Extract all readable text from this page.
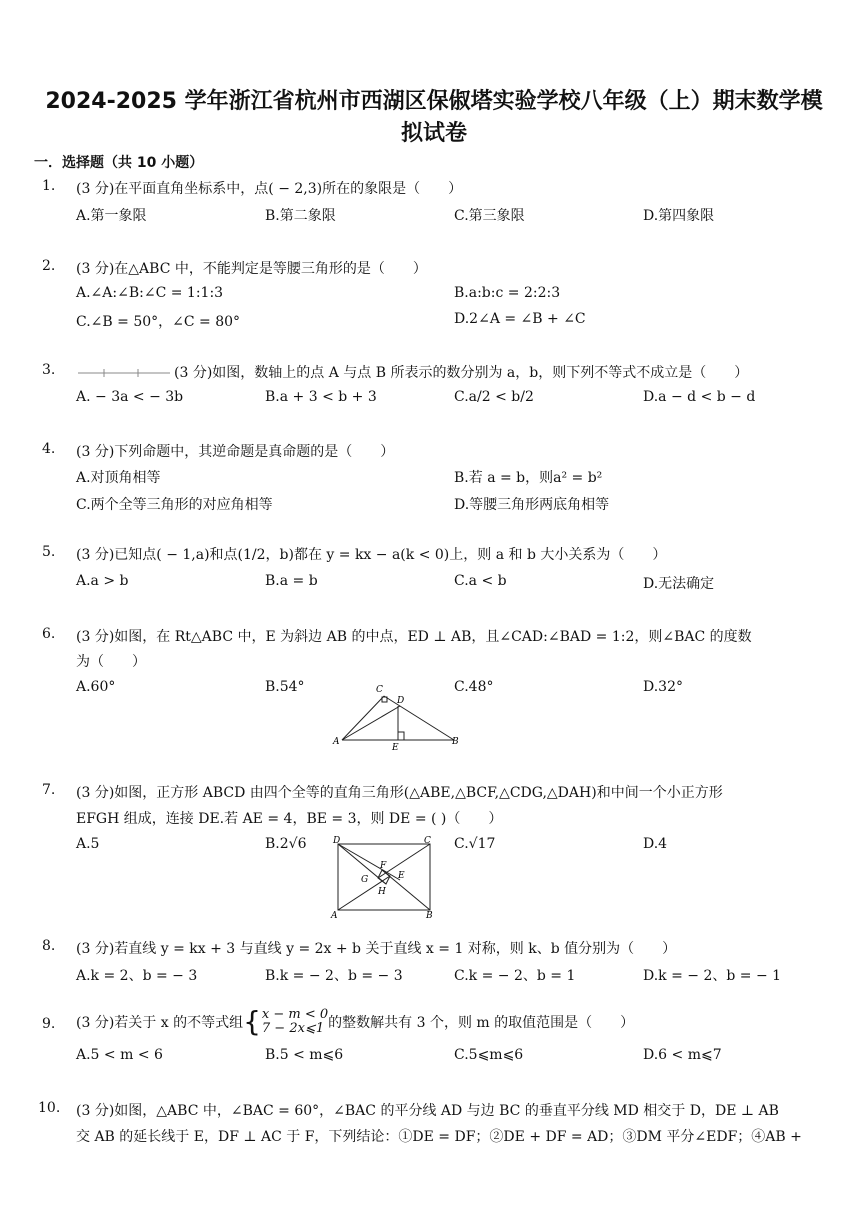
2024-2025 学年浙江省杭州市西湖区保俶塔实验学校八年级（上）期末数学模
拟试卷
一．选择题（共 10 小题）
1. (3 分)在平面直角坐标系中，点( − 2,3)所在的象限是（　　）
A.第一象限	B.第二象限	C.第三象限	D.第四象限
2. (3 分)在△ABC 中，不能判定是等腰三角形的是（　　）
A.∠A:∠B:∠C = 1:1:3	B.a:b:c = 2:2:3
C.∠B = 50°，∠C = 80°	D.2∠A = ∠B + ∠C
3.	(3 分)如图，数轴上的点 A 与点 B 所表示的数分别为 a，b，则下列不等式不成立是（　　）
A. − 3a < − 3b	B.a + 3 < b + 3	C.a/2 < b/2	D.a − d < b − d
4. (3 分)下列命题中，其逆命题是真命题的是（　　）
A.对顶角相等	B.若 a = b，则a² = b²
C.两个全等三角形的对应角相等	D.等腰三角形两底角相等
5. (3 分)已知点( − 1,a)和点(1/2，b)都在 y = kx − a(k < 0)上，则 a 和 b 大小关系为（　　）
A.a > b	B.a = b	C.a < b	D.无法确定
6. (3 分)如图，在 Rt△ABC 中，E 为斜边 AB 的中点，ED ⊥ AB，且∠CAD:∠BAD = 1:2，则∠BAC 的度数
为（　　）
A.60°	B.54°	C.48°	D.32°
A	B
C
D
E
7. (3 分)如图，正方形 ABCD 由四个全等的直角三角形(△ABE,△BCF,△CDG,△DAH)和中间一个小正方形
EFGH 组成，连接 DE.若 AE = 4，BE = 3，则 DE = ( )（　　）
A.5	B.2√6	C.√17	D.4
A	B
C
D
E
F
G
H
8. (3 分)若直线 y = kx + 3 与直线 y = 2x + b 关于直线 x = 1 对称，则 k、b 值分别为（　　）
A.k = 2、b = − 3	B.k = − 2、b = − 3	C.k = − 2、b = 1	D.k = − 2、b = − 1
9. (3 分)若关于 x 的不等式组 { x − m < 0
7 − 2x⩽1 的整数解共有 3 个，则 m 的取值范围是（　　）
A.5 < m < 6	B.5 < m⩽6	C.5⩽m⩽6	D.6 < m⩽7
10. (3 分)如图，△ABC 中，∠BAC = 60°，∠BAC 的平分线 AD 与边 BC 的垂直平分线 MD 相交于 D，DE ⊥ AB
交 AB 的延长线于 E，DF ⊥ AC 于 F，下列结论：①DE = DF；②DE + DF = AD；③DM 平分∠EDF；④AB +
